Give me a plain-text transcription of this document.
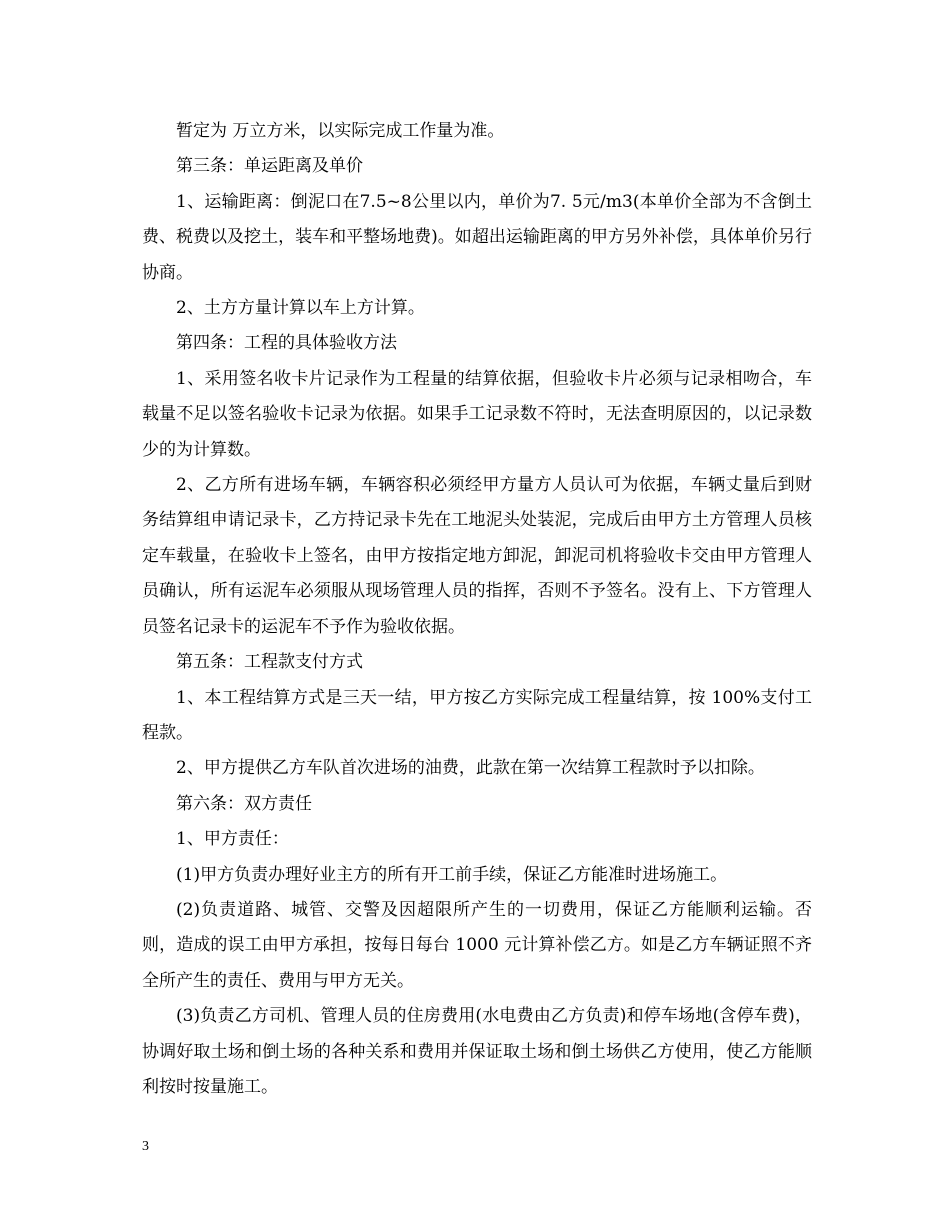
暂定为 万立方米，以实际完成工作量为准。

第三条：单运距离及单价

1、运输距离：倒泥口在7.5~8公里以内，单价为7. 5元/m3(本单价全部为不含倒土费、税费以及挖土，装车和平整场地费)。如超出运输距离的甲方另外补偿，具体单价另行协商。

2、土方方量计算以车上方计算。

第四条：工程的具体验收方法

1、采用签名收卡片记录作为工程量的结算依据，但验收卡片必须与记录相吻合，车载量不足以签名验收卡记录为依据。如果手工记录数不符时，无法查明原因的，以记录数少的为计算数。

2、乙方所有进场车辆，车辆容积必须经甲方量方人员认可为依据，车辆丈量后到财务结算组申请记录卡，乙方持记录卡先在工地泥头处装泥，完成后由甲方土方管理人员核定车载量，在验收卡上签名，由甲方按指定地方卸泥，卸泥司机将验收卡交由甲方管理人员确认，所有运泥车必须服从现场管理人员的指挥，否则不予签名。没有上、下方管理人员签名记录卡的运泥车不予作为验收依据。

第五条：工程款支付方式

1、本工程结算方式是三天一结，甲方按乙方实际完成工程量结算，按 100%支付工程款。

2、甲方提供乙方车队首次进场的油费，此款在第一次结算工程款时予以扣除。

第六条：双方责任

1、甲方责任：

(1)甲方负责办理好业主方的所有开工前手续，保证乙方能准时进场施工。

(2)负责道路、城管、交警及因超限所产生的一切费用，保证乙方能顺利运输。否则，造成的误工由甲方承担，按每日每台 1000 元计算补偿乙方。如是乙方车辆证照不齐全所产生的责任、费用与甲方无关。

(3)负责乙方司机、管理人员的住房费用(水电费由乙方负责)和停车场地(含停车费)，协调好取土场和倒土场的各种关系和费用并保证取土场和倒土场供乙方使用，使乙方能顺利按时按量施工。

3
